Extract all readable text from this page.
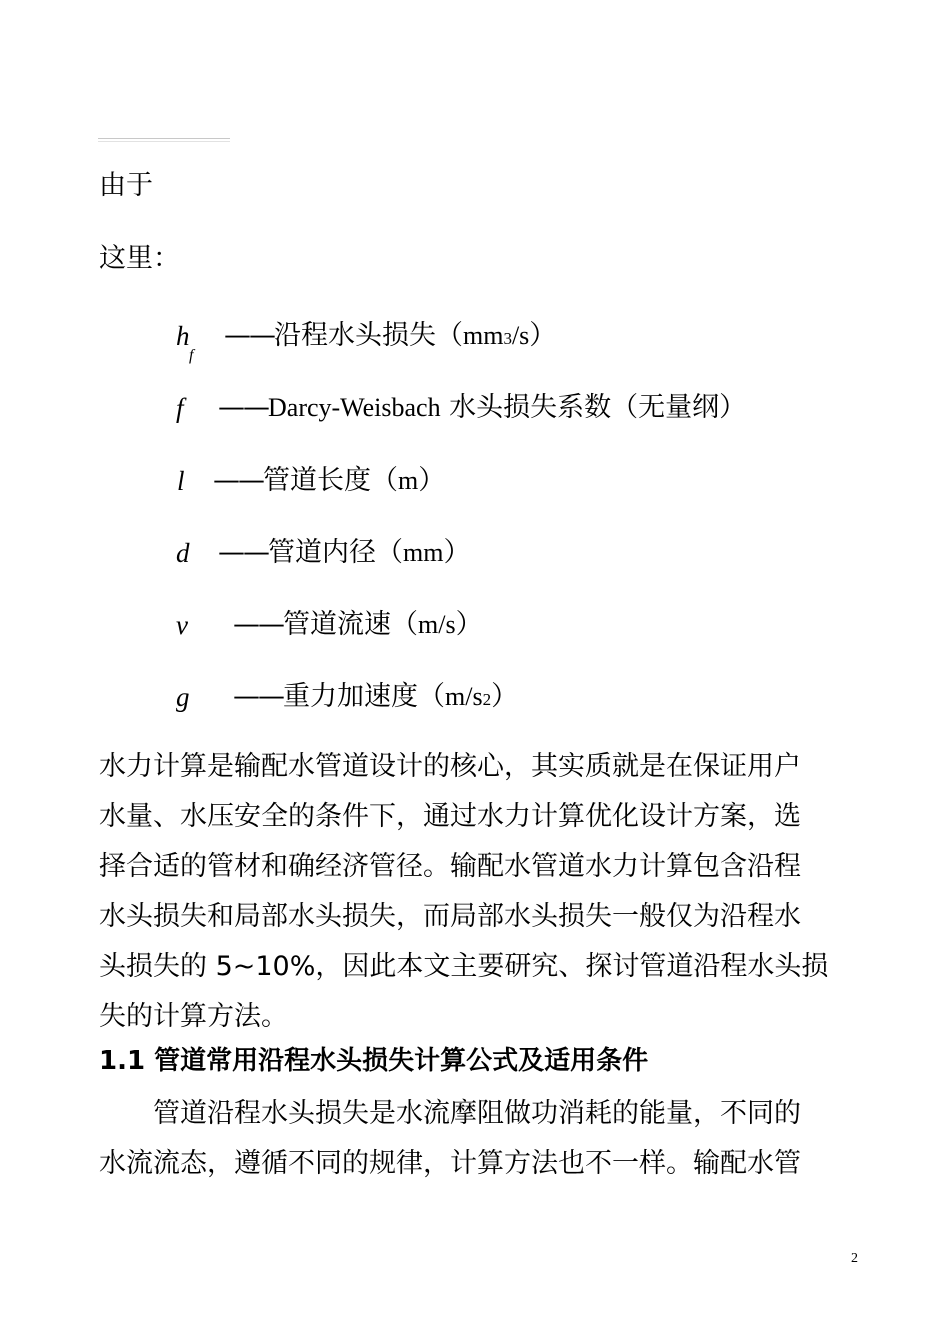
由于
这里：
h
f
——沿程水头损失（mm3/s）
f ——Darcy-Weisbach 水头损失系数（无量纲）
l ——管道长度（m）
d ——管道内径（mm）
v ——管道流速（m/s）
g ——重力加速度（m/s2）
水力计算是输配水管道设计的核心，其实质就是在保证用户
水量、水压安全的条件下，通过水力计算优化设计方案，选
择合适的管材和确经济管径。输配水管道水力计算包含沿程
水头损失和局部水头损失，而局部水头损失一般仅为沿程水
头损失的 5~10%，因此本文主要研究、探讨管道沿程水头损
失的计算方法。
1.1 管道常用沿程水头损失计算公式及适用条件
　　管道沿程水头损失是水流摩阻做功消耗的能量，不同的
水流流态，遵循不同的规律，计算方法也不一样。输配水管
2
